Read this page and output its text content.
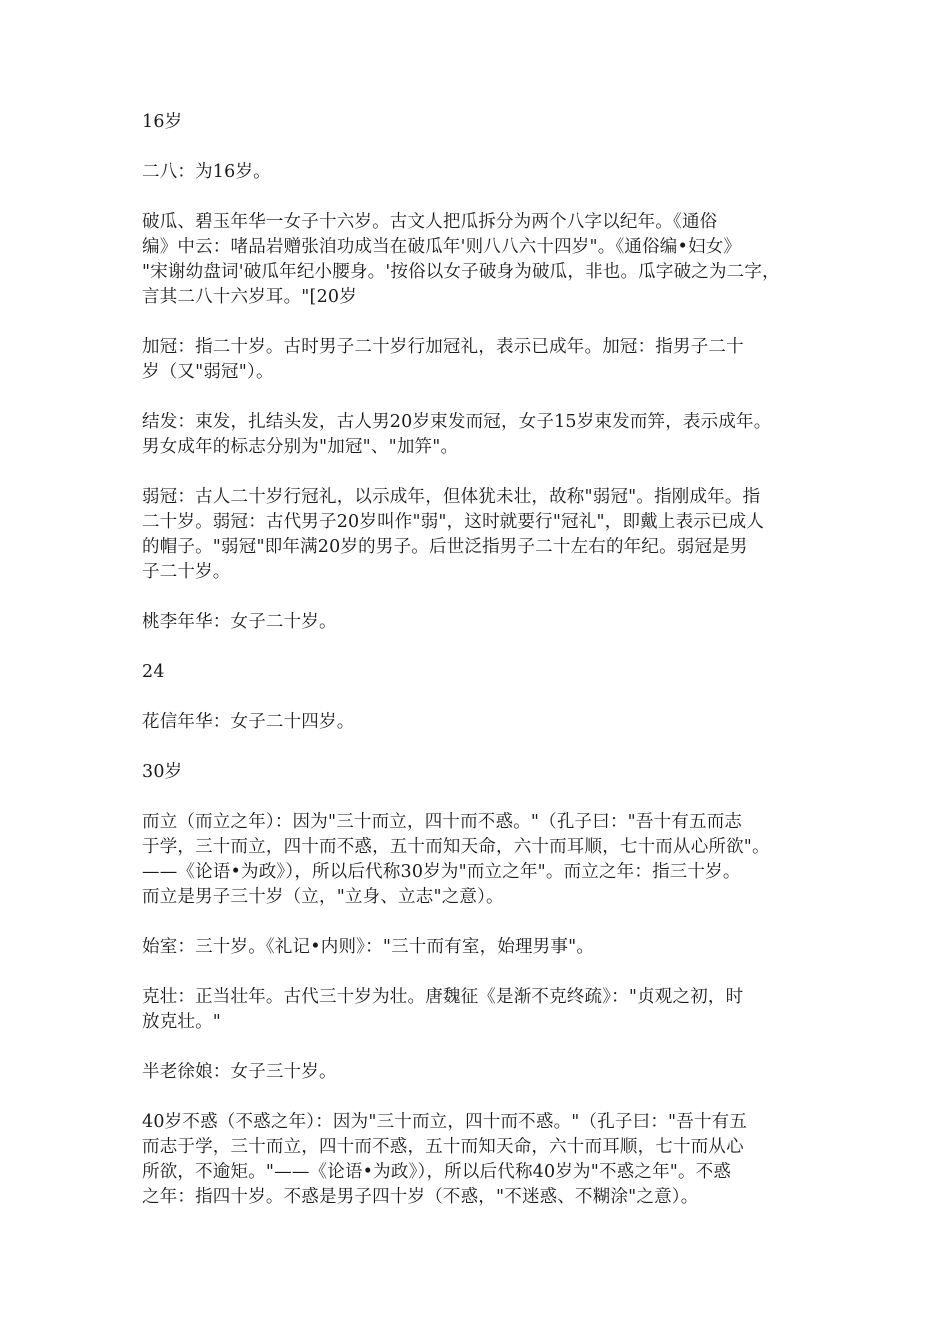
16岁

二八：为16岁。

破瓜、碧玉年华一女子十六岁。古文人把瓜拆分为两个八字以纪年。《通俗
编》中云：啫品岩赠张洎功成当在破瓜年'则八八六十四岁"。《通俗编•妇女》
"宋谢幼盘词'破瓜年纪小腰身。'按俗以女子破身为破瓜，非也。瓜字破之为二字，
言其二八十六岁耳。"[20岁

加冠：指二十岁。古时男子二十岁行加冠礼，表示已成年。加冠：指男子二十
岁（又"弱冠"）。

结发：束发，扎结头发，古人男20岁束发而冠，女子15岁束发而笄，表示成年。
男女成年的标志分别为"加冠"、"加笄"。

弱冠：古人二十岁行冠礼，以示成年，但体犹未壮，故称"弱冠"。指刚成年。指
二十岁。弱冠：古代男子20岁叫作"弱"，这时就要行"冠礼"，即戴上表示已成人
的帽子。"弱冠"即年满20岁的男子。后世泛指男子二十左右的年纪。弱冠是男
子二十岁。

桃李年华：女子二十岁。

24

花信年华：女子二十四岁。

30岁

而立（而立之年）：因为"三十而立，四十而不惑。"（孔子曰："吾十有五而志
于学，三十而立，四十而不惑，五十而知天命，六十而耳顺，七十而从心所欲"。
——《论语•为政》），所以后代称30岁为"而立之年"。而立之年：指三十岁。
而立是男子三十岁（立，"立身、立志"之意）。

始室：三十岁。《礼记•内则》："三十而有室，始理男事"。

克壮：正当壮年。古代三十岁为壮。唐魏征《是渐不克终疏》："贞观之初，时
放克壮。"

半老徐娘：女子三十岁。

40岁不惑（不惑之年）：因为"三十而立，四十而不惑。"（孔子曰："吾十有五
而志于学，三十而立，四十而不惑，五十而知天命，六十而耳顺，七十而从心
所欲，不逾矩。"——《论语•为政》），所以后代称40岁为"不惑之年"。不惑
之年：指四十岁。不惑是男子四十岁（不惑，"不迷惑、不糊涂"之意）。
